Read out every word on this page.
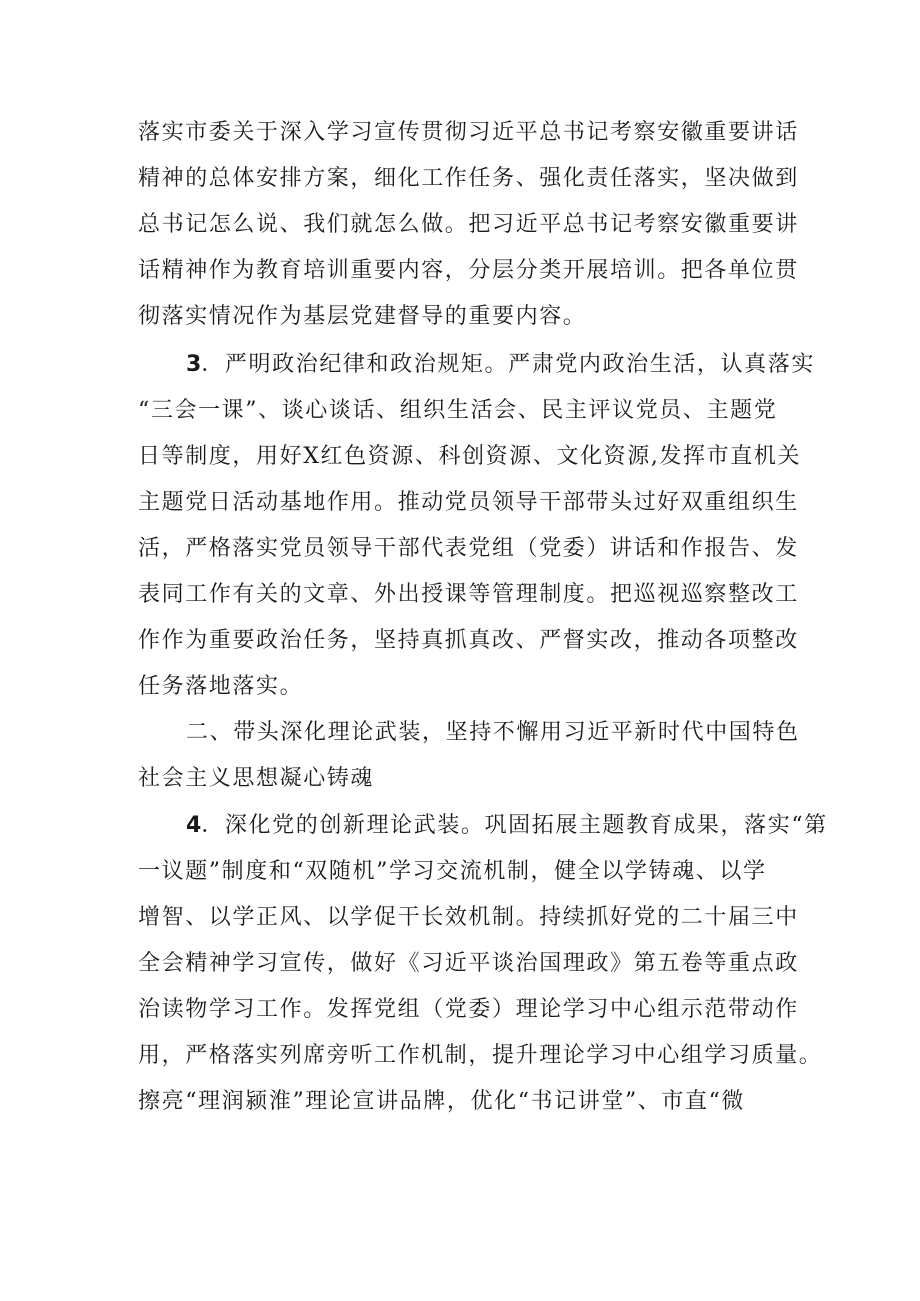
落实市委关于深入学习宣传贯彻习近平总书记考察安徽重要讲话
精神的总体安排方案，细化工作任务、强化责任落实，坚决做到
总书记怎么说、我们就怎么做。把习近平总书记考察安徽重要讲
话精神作为教育培训重要内容，分层分类开展培训。把各单位贯
彻落实情况作为基层党建督导的重要内容。
3．严明政治纪律和政治规矩。严肃党内政治生活，认真落实
“三会一课”、谈心谈话、组织生活会、民主评议党员、主题党
日等制度，用好X红色资源、科创资源、文化资源,发挥市直机关
主题党日活动基地作用。推动党员领导干部带头过好双重组织生
活，严格落实党员领导干部代表党组（党委）讲话和作报告、发
表同工作有关的文章、外出授课等管理制度。把巡视巡察整改工
作作为重要政治任务，坚持真抓真改、严督实改，推动各项整改
任务落地落实。
二、带头深化理论武装，坚持不懈用习近平新时代中国特色
社会主义思想凝心铸魂
4．深化党的创新理论武装。巩固拓展主题教育成果，落实“第
一议题”制度和“双随机”学习交流机制，健全以学铸魂、以学
增智、以学正风、以学促干长效机制。持续抓好党的二十届三中
全会精神学习宣传，做好《习近平谈治国理政》第五卷等重点政
治读物学习工作。发挥党组（党委）理论学习中心组示范带动作
用，严格落实列席旁听工作机制，提升理论学习中心组学习质量。
擦亮“理润颍淮”理论宣讲品牌，优化“书记讲堂”、市直“微
